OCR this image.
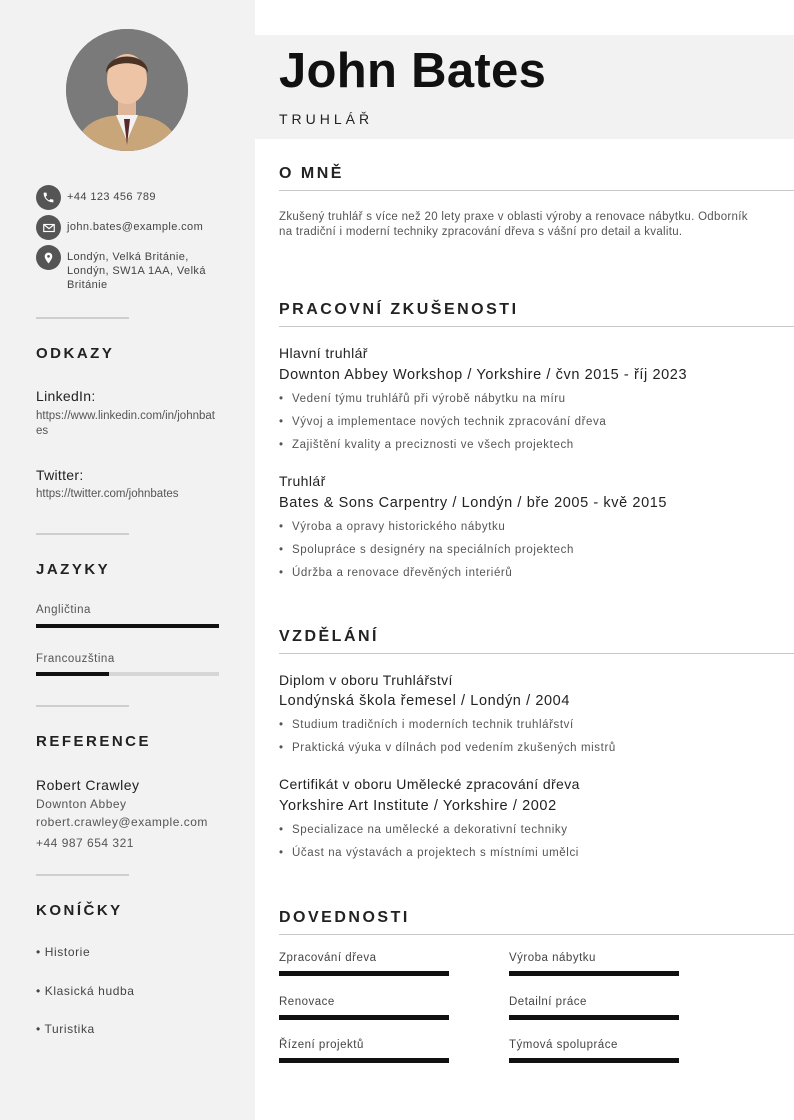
+44 123 456 789
john.bates@example.com
Londýn, Velká Británie, Londýn, SW1A 1AA, Velká Británie
ODKAZY
LinkedIn:
https://www.linkedin.com/in/johnbates
Twitter:
https://twitter.com/johnbates
JAZYKY
Angličtina
Francouzština
REFERENCE
Robert Crawley
Downton Abbey
robert.crawley@example.com
+44 987 654 321
KONÍČKY
• Historie
• Klasická hudba
• Turistika
John Bates
TRUHLÁŘ
O MNĚ
Zkušený truhlář s více než 20 lety praxe v oblasti výroby a renovace nábytku. Odborník na tradiční i moderní techniky zpracování dřeva s vášní pro detail a kvalitu.
PRACOVNÍ ZKUŠENOSTI
Hlavní truhlář
Downton Abbey Workshop / Yorkshire / čvn 2015 - říj 2023
• Vedení týmu truhlářů při výrobě nábytku na míru
• Vývoj a implementace nových technik zpracování dřeva
• Zajištění kvality a preciznosti ve všech projektech
Truhlář
Bates & Sons Carpentry / Londýn / bře 2005 - kvě 2015
• Výroba a opravy historického nábytku
• Spolupráce s designéry na speciálních projektech
• Údržba a renovace dřevěných interiérů
VZDĚLÁNÍ
Diplom v oboru Truhlářství
Londýnská škola řemesel / Londýn / 2004
• Studium tradičních i moderních technik truhlářství
• Praktická výuka v dílnách pod vedením zkušených mistrů
Certifikát v oboru Umělecké zpracování dřeva
Yorkshire Art Institute / Yorkshire / 2002
• Specializace na umělecké a dekorativní techniky
• Účast na výstavách a projektech s místními umělci
DOVEDNOSTI
Zpracování dřeva	Výroba nábytku
Renovace	Detailní práce
Řízení projektů	Týmová spolupráce
